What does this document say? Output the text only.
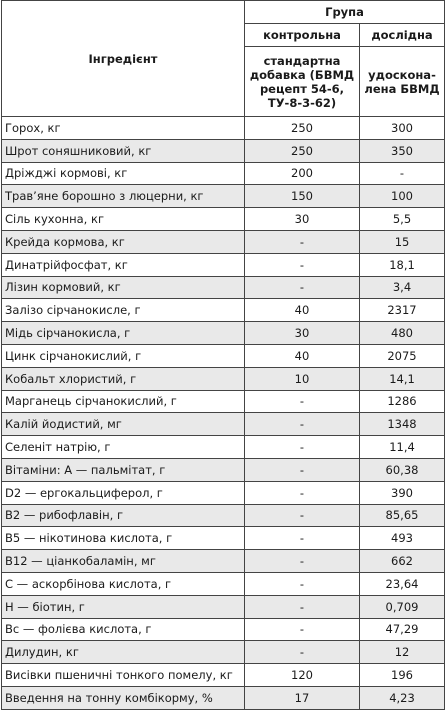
Інгредієнт	Група	
	контрольна	дослідна
	стандартна добавка (БВМД рецепт 54-6, ТУ-8-3-62)	удоскона-лена БВМД
Горох, кг	250	300
Шрот соняшниковий, кг	250	350
Дріжджі кормові, кг	200	-
Трав’яне борошно з люцерни, кг	150	100
Сіль кухонна, кг	30	5,5
Крейда кормова, кг	-	15
Динатрійфосфат, кг	-	18,1
Лізин кормовий, кг	-	3,4
Залізо сірчанокисле, г	40	2317
Мідь сірчанокисла, г	30	480
Цинк сірчанокислий, г	40	2075
Кобальт хлористий, г	10	14,1
Марганець сірчанокислий, г	-	1286
Калій йодистий, мг	-	1348
Селеніт натрію, г	-	11,4
Вітаміни: А — пальмітат, г	-	60,38
D2 — ергокальциферол, г	-	390
В2 — рибофлавін, г	-	85,65
В5 — нікотинова кислота, г	-	493
В12 — ціанкобаламін, мг	-	662
С — аскорбінова кислота, г	-	23,64
Н — біотин, г	-	0,709
Вс — фолієва кислота, г	-	47,29
Дилудин, кг	-	12
Висівки пшеничні тонкого помелу, кг	120	196
Введення на тонну комбікорму, %	17	4,23
